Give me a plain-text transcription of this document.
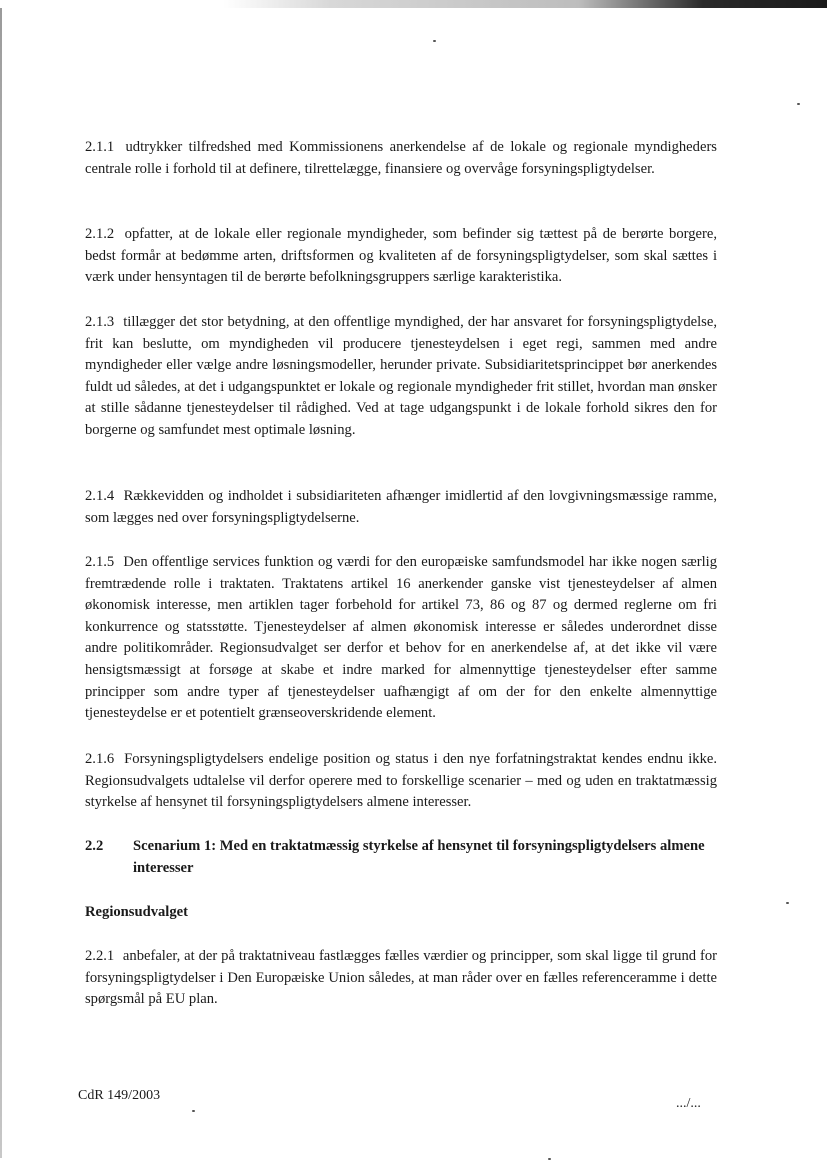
2.1.1 udtrykker tilfredshed med Kommissionens anerkendelse af de lokale og regionale myndigheders centrale rolle i forhold til at definere, tilrettelægge, finansiere og overvåge forsyningspligtydelser.

2.1.2 opfatter, at de lokale eller regionale myndigheder, som befinder sig tættest på de berørte borgere, bedst formår at bedømme arten, driftsformen og kvaliteten af de forsyningspligtydelser, som skal sættes i værk under hensyntagen til de berørte befolkningsgruppers særlige karakteristika.

2.1.3 tillægger det stor betydning, at den offentlige myndighed, der har ansvaret for forsyningspligtydelse, frit kan beslutte, om myndigheden vil producere tjenesteydelsen i eget regi, sammen med andre myndigheder eller vælge andre løsningsmodeller, herunder private. Subsidiaritetsprincippet bør anerkendes fuldt ud således, at det i udgangspunktet er lokale og regionale myndigheder frit stillet, hvordan man ønsker at stille sådanne tjenesteydelser til rådighed. Ved at tage udgangspunkt i de lokale forhold sikres den for borgerne og samfundet mest optimale løsning.

2.1.4 Rækkevidden og indholdet i subsidiariteten afhænger imidlertid af den lovgivningsmæssige ramme, som lægges ned over forsyningspligtydelserne.

2.1.5 Den offentlige services funktion og værdi for den europæiske samfundsmodel har ikke nogen særlig fremtrædende rolle i traktaten. Traktatens artikel 16 anerkender ganske vist tjenesteydelser af almen økonomisk interesse, men artiklen tager forbehold for artikel 73, 86 og 87 og dermed reglerne om fri konkurrence og statsstøtte. Tjenesteydelser af almen økonomisk interesse er således underordnet disse andre politikområder. Regionsudvalget ser derfor et behov for en anerkendelse af, at det ikke vil være hensigtsmæssigt at forsøge at skabe et indre marked for almennyttige tjenesteydelser efter samme principper som andre typer af tjenesteydelser uafhængigt af om der for den enkelte almennyttige tjenesteydelse er et potentielt grænseoverskridende element.

2.1.6 Forsyningspligtydelsers endelige position og status i den nye forfatningstraktat kendes endnu ikke. Regionsudvalgets udtalelse vil derfor operere med to forskellige scenarier – med og uden en traktatmæssig styrkelse af hensynet til forsyningspligtydelsers almene interesser.

2.2	Scenarium 1: Med en traktatmæssig styrkelse af hensynet til forsyningspligtydelsers almene interesser
Regionsudvalget

2.2.1 anbefaler, at der på traktatniveau fastlægges fælles værdier og principper, som skal ligge til grund for forsyningspligtydelser i Den Europæiske Union således, at man råder over en fælles referenceramme i dette spørgsmål på EU plan.

CdR 149/2003
.../...
